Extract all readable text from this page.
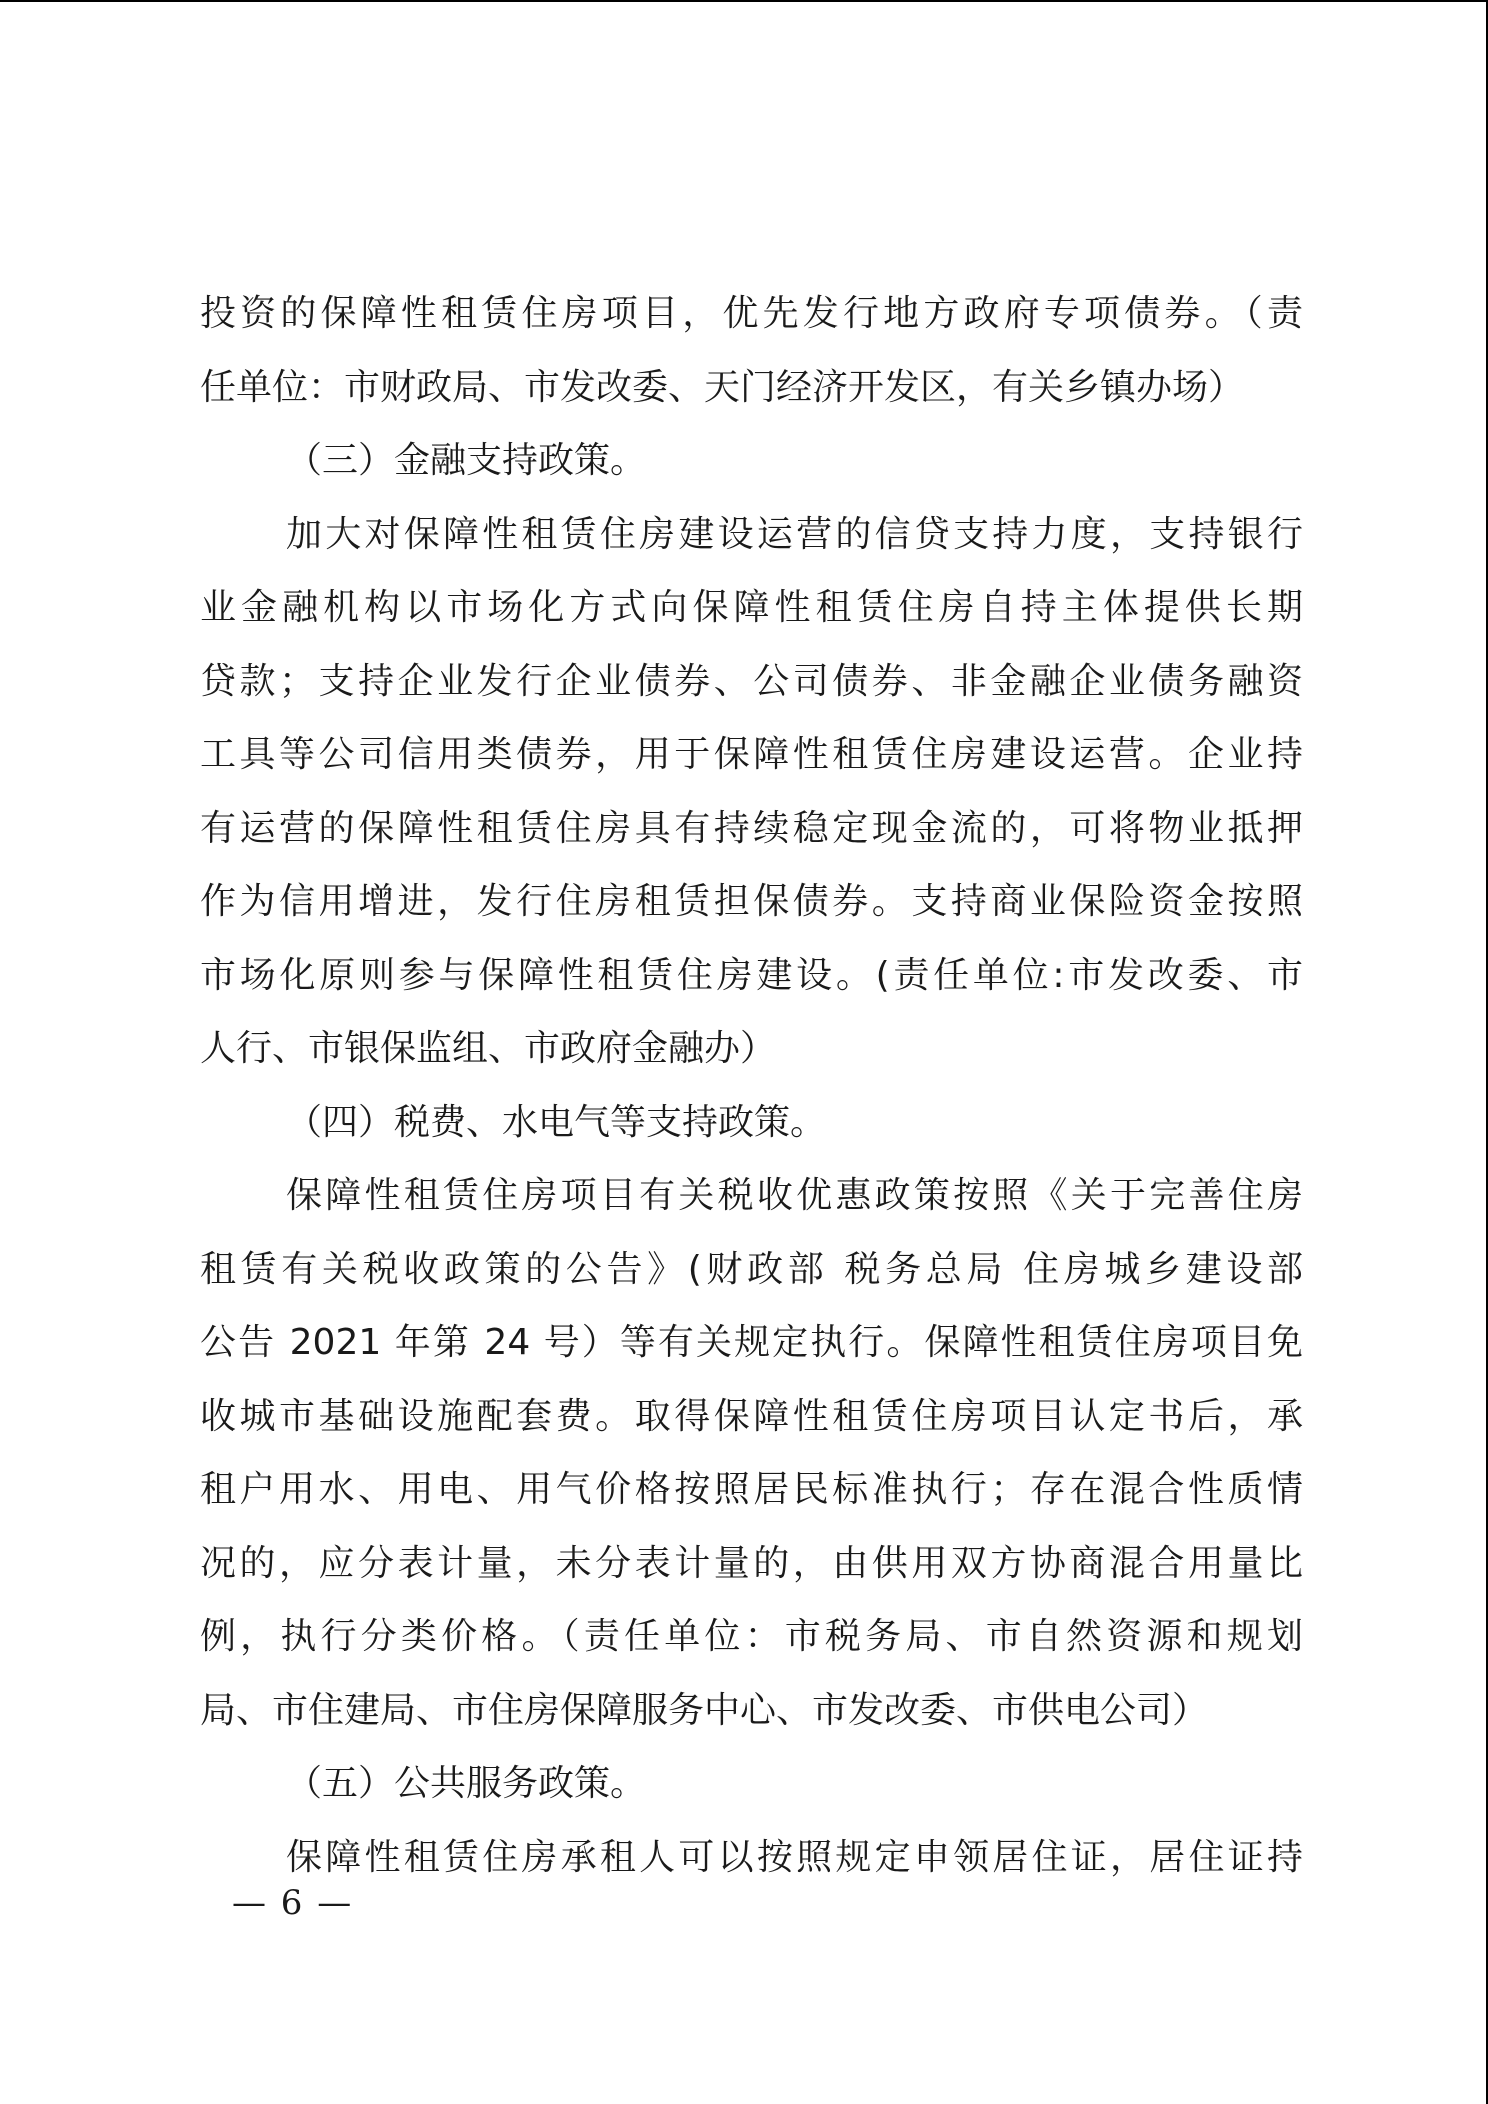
投资的保障性租赁住房项目，优先发行地方政府专项债券。（责
任单位：市财政局、市发改委、天门经济开发区，有关乡镇办场）
（三）金融支持政策。
加大对保障性租赁住房建设运营的信贷支持力度，支持银行
业金融机构以市场化方式向保障性租赁住房自持主体提供长期
贷款；支持企业发行企业债券、公司债券、非金融企业债务融资
工具等公司信用类债券，用于保障性租赁住房建设运营。企业持
有运营的保障性租赁住房具有持续稳定现金流的，可将物业抵押
作为信用增进，发行住房租赁担保债券。支持商业保险资金按照
市场化原则参与保障性租赁住房建设。(责任单位:市发改委、市
人行、市银保监组、市政府金融办）
（四）税费、水电气等支持政策。
保障性租赁住房项目有关税收优惠政策按照《关于完善住房
租赁有关税收政策的公告》(财政部 税务总局 住房城乡建设部
公告 2021 年第 24 号）等有关规定执行。保障性租赁住房项目免
收城市基础设施配套费。取得保障性租赁住房项目认定书后，承
租户用水、用电、用气价格按照居民标准执行；存在混合性质情
况的，应分表计量，未分表计量的，由供用双方协商混合用量比
例，执行分类价格。（责任单位：市税务局、市自然资源和规划
局、市住建局、市住房保障服务中心、市发改委、市供电公司）
（五）公共服务政策。
保障性租赁住房承租人可以按照规定申领居住证，居住证持
— 6 —
